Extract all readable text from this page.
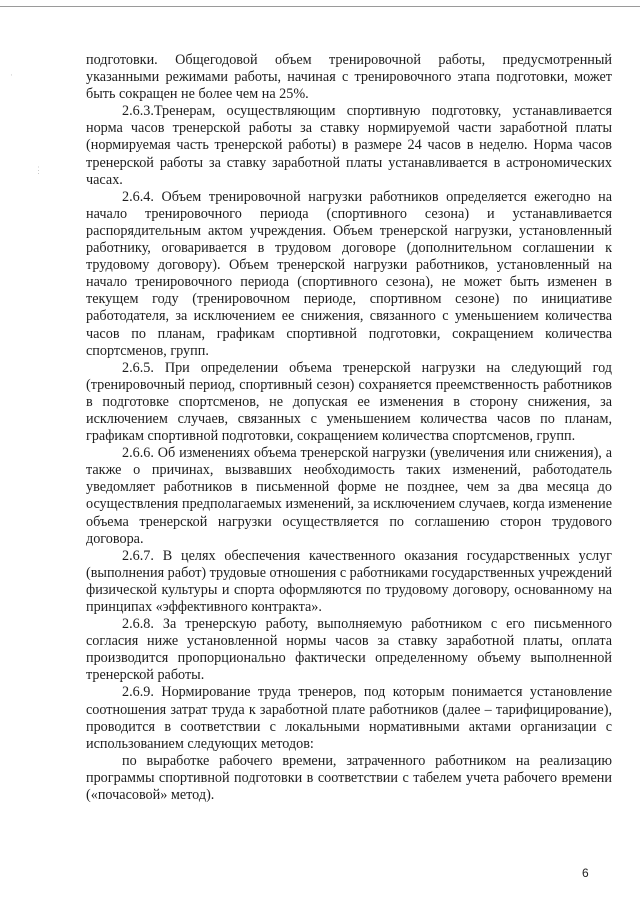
·
⋮

подготовки. Общегодовой объем тренировочной работы, предусмотренный указанными режимами работы, начиная с тренировочного этапа подготовки, может быть сокращен не более чем на 25%.

2.6.3.Тренерам, осуществляющим спортивную подготовку, устанавливается норма часов тренерской работы за ставку нормируемой части заработной платы (нормируемая часть тренерской работы) в размере 24 часов в неделю. Норма часов тренерской работы за ставку заработной платы устанавливается в астрономических часах.

2.6.4. Объем тренировочной нагрузки работников определяется ежегодно на начало тренировочного периода (спортивного сезона) и устанавливается распорядительным актом учреждения. Объем тренерской нагрузки, установленный работнику, оговаривается в трудовом договоре (дополнительном соглашении к трудовому договору). Объем тренерской нагрузки работников, установленный на начало тренировочного периода (спортивного сезона), не может быть изменен в текущем году (тренировочном периоде, спортивном сезоне) по инициативе работодателя, за исключением ее снижения, связанного с уменьшением количества часов по планам, графикам спортивной подготовки, сокращением количества спортсменов, групп.

2.6.5. При определении объема тренерской нагрузки на следующий год (тренировочный период, спортивный сезон) сохраняется преемственность работников в подготовке спортсменов, не допуская ее изменения в сторону снижения, за исключением случаев, связанных с уменьшением количества часов по планам, графикам спортивной подготовки, сокращением количества спортсменов, групп.

2.6.6. Об изменениях объема тренерской нагрузки (увеличения или снижения), а также о причинах, вызвавших необходимость таких изменений, работодатель уведомляет работников в письменной форме не позднее, чем за два месяца до осуществления предполагаемых изменений, за исключением случаев, когда изменение объема тренерской нагрузки осуществляется по соглашению сторон трудового договора.

2.6.7. В целях обеспечения качественного оказания государственных услуг (выполнения работ) трудовые отношения с работниками государственных учреждений физической культуры и спорта оформляются по трудовому договору, основанному на принципах «эффективного контракта».

2.6.8. За тренерскую работу, выполняемую работником с его письменного согласия ниже установленной нормы часов за ставку заработной платы, оплата производится пропорционально фактически определенному объему выполненной тренерской работы.

2.6.9. Нормирование труда тренеров, под которым понимается установление соотношения затрат труда к заработной плате работников (далее – тарифицирование), проводится в соответствии с локальными нормативными актами организации с использованием следующих методов:

по выработке рабочего времени, затраченного работником на реализацию программы спортивной подготовки в соответствии с табелем учета рабочего времени («почасовой» метод).

6
